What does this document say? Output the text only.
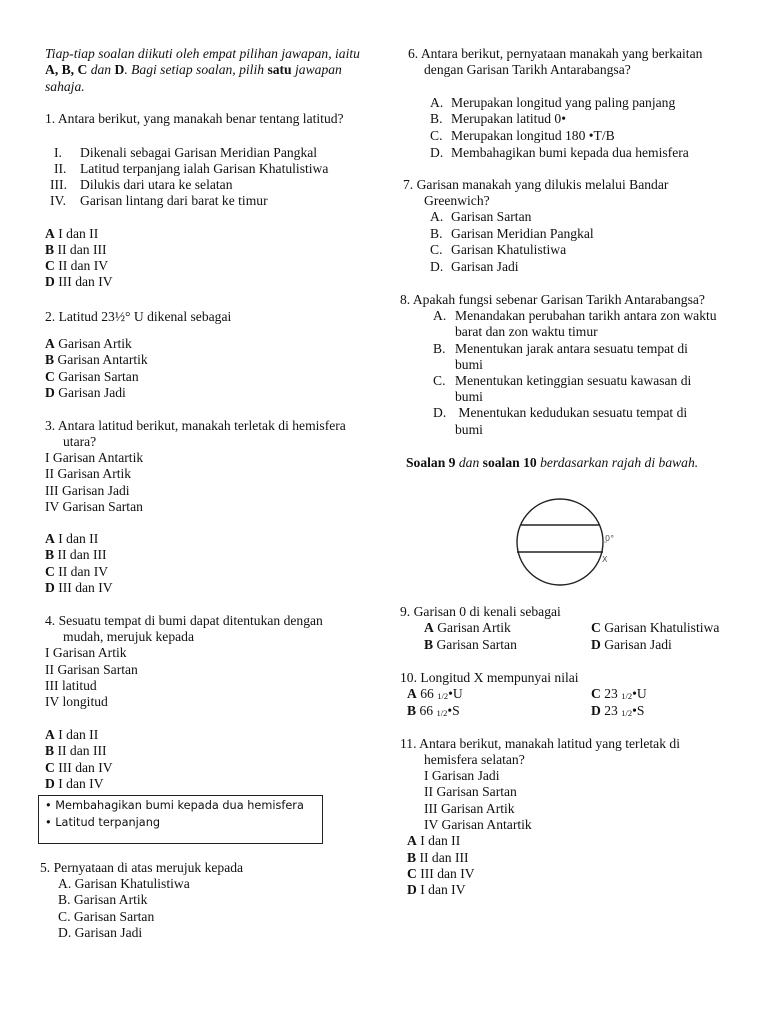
Tiap-tiap soalan diikuti oleh empat pilihan jawapan, iaitu A, B, C dan D. Bagi setiap soalan, pilih satu jawapan sahaja.
1. Antara berikut, yang manakah benar tentang latitud?
I. Dikenali sebagai Garisan Meridian Pangkal
II. Latitud terpanjang ialah Garisan Khatulistiwa
III. Dilukis dari utara ke selatan
IV. Garisan lintang dari barat ke timur
A I dan II
B II dan III
C II dan IV
D III dan IV
2. Latitud 23½° U dikenal sebagai
A Garisan Artik
B Garisan Antartik
C Garisan Sartan
D Garisan Jadi
3. Antara latitud berikut, manakah terletak di hemisfera
utara?
I Garisan Antartik
II Garisan Artik
III Garisan Jadi
IV Garisan Sartan
A I dan II
B II dan III
C II dan IV
D III dan IV
4. Sesuatu tempat di bumi dapat ditentukan dengan
mudah, merujuk kepada
I Garisan Artik
II Garisan Sartan
III latitud
IV longitud
A I dan II
B II dan III
C III dan IV
D I dan IV
• Membahagikan bumi kepada dua hemisfera
• Latitud terpanjang
5. Pernyataan di atas merujuk kepada
A. Garisan Khatulistiwa
B. Garisan Artik
C. Garisan Sartan
D. Garisan Jadi
6. Antara berikut, pernyataan manakah yang berkaitan
dengan Garisan Tarikh Antarabangsa?
A. Merupakan longitud yang paling panjang
B. Merupakan latitud 0•
C. Merupakan longitud 180 •T/B
D. Membahagikan bumi kepada dua hemisfera
7. Garisan manakah yang dilukis melalui Bandar
Greenwich?
A. Garisan Sartan
B. Garisan Meridian Pangkal
C. Garisan Khatulistiwa
D. Garisan Jadi
8. Apakah fungsi sebenar Garisan Tarikh Antarabangsa?
A. Menandakan perubahan tarikh antara zon waktu
barat dan zon waktu timur
B. Menentukan jarak antara sesuatu tempat di
bumi
C. Menentukan ketinggian sesuatu kawasan di
bumi
D. Menentukan kedudukan sesuatu tempat di
bumi
Soalan 9 dan soalan 10 berdasarkan rajah di bawah.
0°
X
9. Garisan 0 di kenali sebagai
A Garisan Artik	C Garisan Khatulistiwa
B Garisan Sartan	D Garisan Jadi
10. Longitud X mempunyai nilai
A 66 $_{1/2}$•U	C 23 $_{1/2}$•U
B 66 $_{1/2}$•S	D 23 $_{1/2}$•S
11. Antara berikut, manakah latitud yang terletak di
hemisfera selatan?
I Garisan Jadi
II Garisan Sartan
III Garisan Artik
IV Garisan Antartik
A I dan II
B II dan III
C III dan IV
D I dan IV
